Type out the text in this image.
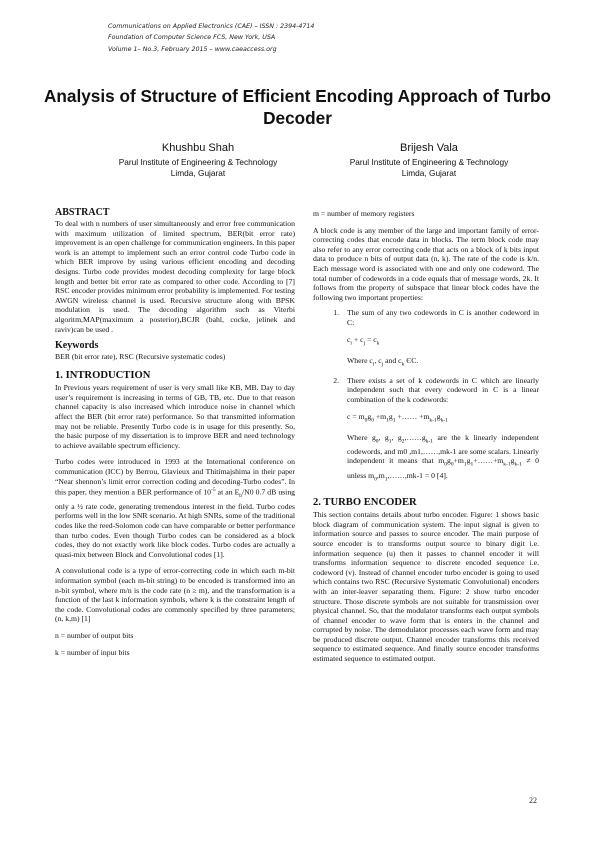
Communications on Applied Electronics (CAE) – ISSN : 2394-4714
Foundation of Computer Science FCS, New York, USA
Volume 1– No.3, February 2015 – www.caeaccess.org
Analysis of Structure of Efficient Encoding Approach of Turbo Decoder
Khushbu Shah
Parul Institute of Engineering & Technology
Limda, Gujarat
Brijesh Vala
Parul Institute of Engineering & Technology
Limda, Gujarat
ABSTRACT

To deal with n numbers of user simultaneously and error free communication with maximum utilization of limited spectrum, BER(bit error rate) improvement is an open challenge for communication engineers. In this paper work is an attempt to implement such an error control code Turbo code in which BER improve by using various efficient encoding and decoding designs. Turbo code provides modest decoding complexity for large block length and better bit error rate as compared to other code. According to [7] RSC encoder provides minimum error probability is implemented. For testing AWGN wireless channel is used. Recursive structure along with BPSK modulation is used. The decoding algorithm such as Viterbi algoritm,MAP(maximum a posterior),BCJR (bahl, cocke, jelinek and raviv)can be used .

Keywords

BER (bit error rate), RSC (Recursive systematic codes)

1. INTRODUCTION

In Previous years requirement of user is very small like KB, MB. Day to day user’s requirement is increasing in terms of GB, TB, etc. Due to that reason channel capacity is also increased which introduce noise in channel which affect the BER (bit error rate) performance. So that transmitted information may not be reliable. Presently Turbo code is in usage for this presently. So, the basic purpose of my dissertation is to improve BER and need technology to achieve available spectrum efficiency.

Turbo codes were introduced in 1993 at the International conference on communication (ICC) by Berrou, Glavieux and Thitimajshima in their paper “Near shennon’s limit error correction coding and decoding-Turbo codes”. In this paper, they mention a BER performance of $10^{-5}$ at an $E_b/N0$ 0.7 dB using only a ½ rate code, generating tremendous interest in the field. Turbo codes performs well in the low SNR scenario. At high SNRs, some of the traditional codes like the reed-Solomon code can have comparable or better performance than turbo codes. Even though Turbo codes can be considered as a block codes, they do not exactly work like block codes. Turbo codes are actually a quasi-mix between Block and Convolutional codes [1].

A convolutional code is a type of error-correcting code in which each m-bit information symbol (each m-bit string) to be encoded is transformed into an n-bit symbol, where m/n is the code rate (n ≥ m), and the transformation is a function of the last k information symbols, where k is the constraint length of the code. Convolutional codes are commonly specified by three parameters; (n, k,m) [1]

n = number of output bits

k = number of input bits

m = number of memory registers

A block code is any member of the large and important family of error-correcting codes that encode data in blocks. The term block code may also refer to any error correcting code that acts on a block of k bits input data to produce n bits of output data (n, k). The rate of the code is k/n. Each message word is associated with one and only one codeword. The total number of codewords in a code equals that of message words, 2k. It follows from the property of subspace that linear block codes have the following two important properties:

1.	The sum of any two codewords in C is another codeword in C:

$c_i + c_j = c_k$

Where $c_i$, $c_j$ and $c_k$ ЄC.

2.	There exists a set of k codewords in C which are linearly independent such that every codeword in C is a linear combination of the k codewords:

$c = m_0g_0 +m_1g_1$ +…… $+m_{k-1}g_{k-1}$

Where $g_0$, $g_1$, $g_2,\dots\dots g_{k-1}$ are the k linearly independent codewords, and m0 ,m1,……,mk-1 are some scalars. Linearly independent it means that $m_0g_0+m_1g_1+\dots\dots+m_{k-1}g_{k-1} \ne 0$ unless $m_0,m_1,\dots\dots,mk-1 = 0$ [4].

2. TURBO ENCODER

This section contains details about turbo encoder. Figure: 1 shows basic block diagram of communication system. The input signal is given to information source and passes to source encoder. The main purpose of source encoder is to transforms output source to binary digit i.e. information sequence (u) then it passes to channel encoder it will transforms information sequence to discrete encoded sequence i.e. codeword (v). Instead of channel encoder turbo encoder is going to used which contains two RSC (Recursive Systematic Convolutional) encoders with an inter-leaver separating them. Figure: 2 show turbo encoder structure. Those discrete symbols are not suitable for transmission over physical channel. So, that the modulator transforms each output symbols of channel encoder to wave form that is enters in the channel and corrupted by noise. The demodulator processes each wave form and may be produced discrete output. Channel encoder transforms this received sequence to estimated sequence. And finally source encoder transforms estimated sequence to estimated output.

22
